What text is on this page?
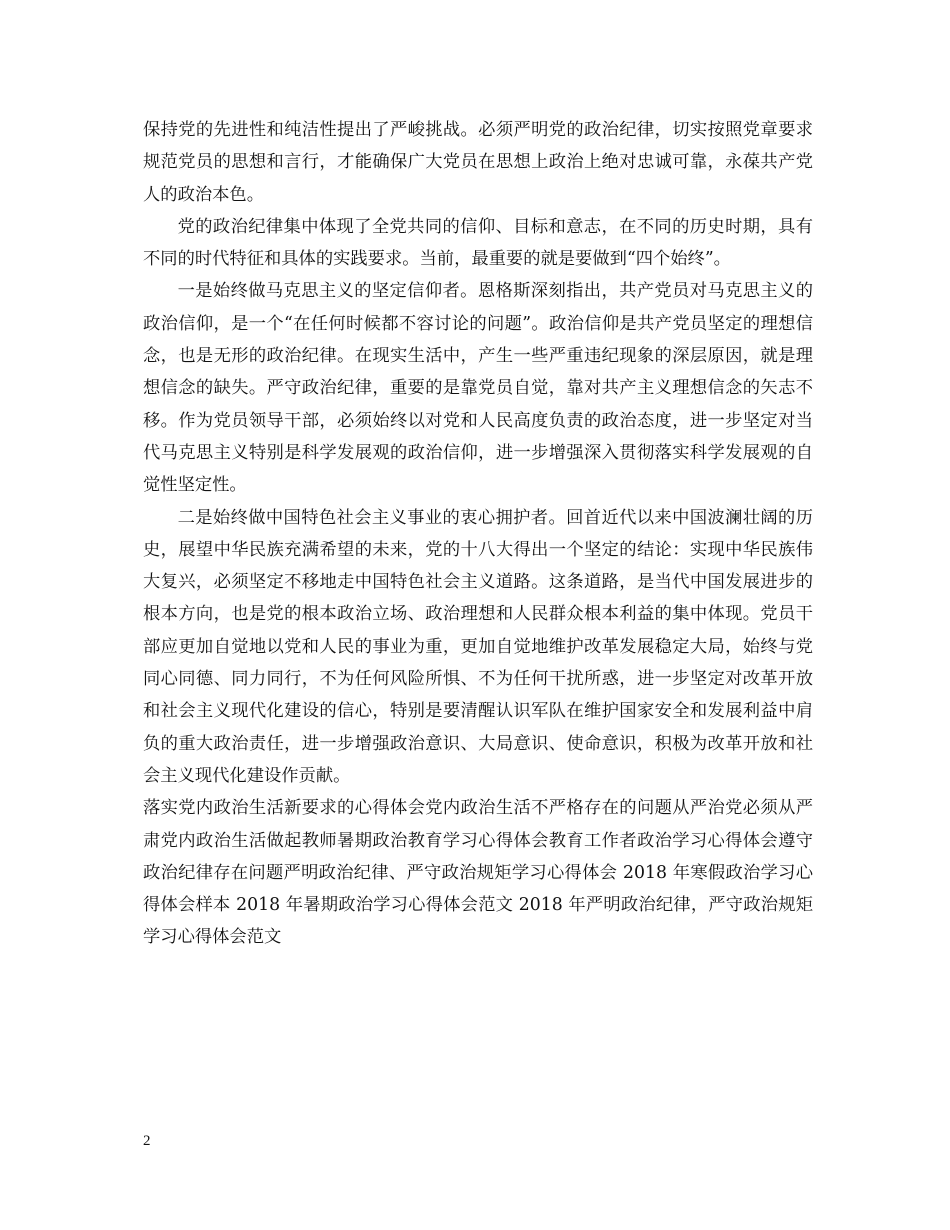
保持党的先进性和纯洁性提出了严峻挑战。必须严明党的政治纪律，切实按照党章要求规范党员的思想和言行，才能确保广大党员在思想上政治上绝对忠诚可靠，永葆共产党人的政治本色。

党的政治纪律集中体现了全党共同的信仰、目标和意志，在不同的历史时期，具有不同的时代特征和具体的实践要求。当前，最重要的就是要做到“四个始终”。

一是始终做马克思主义的坚定信仰者。恩格斯深刻指出，共产党员对马克思主义的政治信仰，是一个“在任何时候都不容讨论的问题”。政治信仰是共产党员坚定的理想信念，也是无形的政治纪律。在现实生活中，产生一些严重违纪现象的深层原因，就是理想信念的缺失。严守政治纪律，重要的是靠党员自觉，靠对共产主义理想信念的矢志不移。作为党员领导干部，必须始终以对党和人民高度负责的政治态度，进一步坚定对当代马克思主义特别是科学发展观的政治信仰，进一步增强深入贯彻落实科学发展观的自觉性坚定性。

二是始终做中国特色社会主义事业的衷心拥护者。回首近代以来中国波澜壮阔的历史，展望中华民族充满希望的未来，党的十八大得出一个坚定的结论：实现中华民族伟大复兴，必须坚定不移地走中国特色社会主义道路。这条道路，是当代中国发展进步的根本方向，也是党的根本政治立场、政治理想和人民群众根本利益的集中体现。党员干部应更加自觉地以党和人民的事业为重，更加自觉地维护改革发展稳定大局，始终与党同心同德、同力同行，不为任何风险所惧、不为任何干扰所惑，进一步坚定对改革开放和社会主义现代化建设的信心，特别是要清醒认识军队在维护国家安全和发展利益中肩负的重大政治责任，进一步增强政治意识、大局意识、使命意识，积极为改革开放和社会主义现代化建设作贡献。

落实党内政治生活新要求的心得体会党内政治生活不严格存在的问题从严治党必须从严肃党内政治生活做起教师暑期政治教育学习心得体会教育工作者政治学习心得体会遵守政治纪律存在问题严明政治纪律、严守政治规矩学习心得体会 2018 年寒假政治学习心得体会样本 2018 年暑期政治学习心得体会范文 2018 年严明政治纪律，严守政治规矩学习心得体会范文

2
